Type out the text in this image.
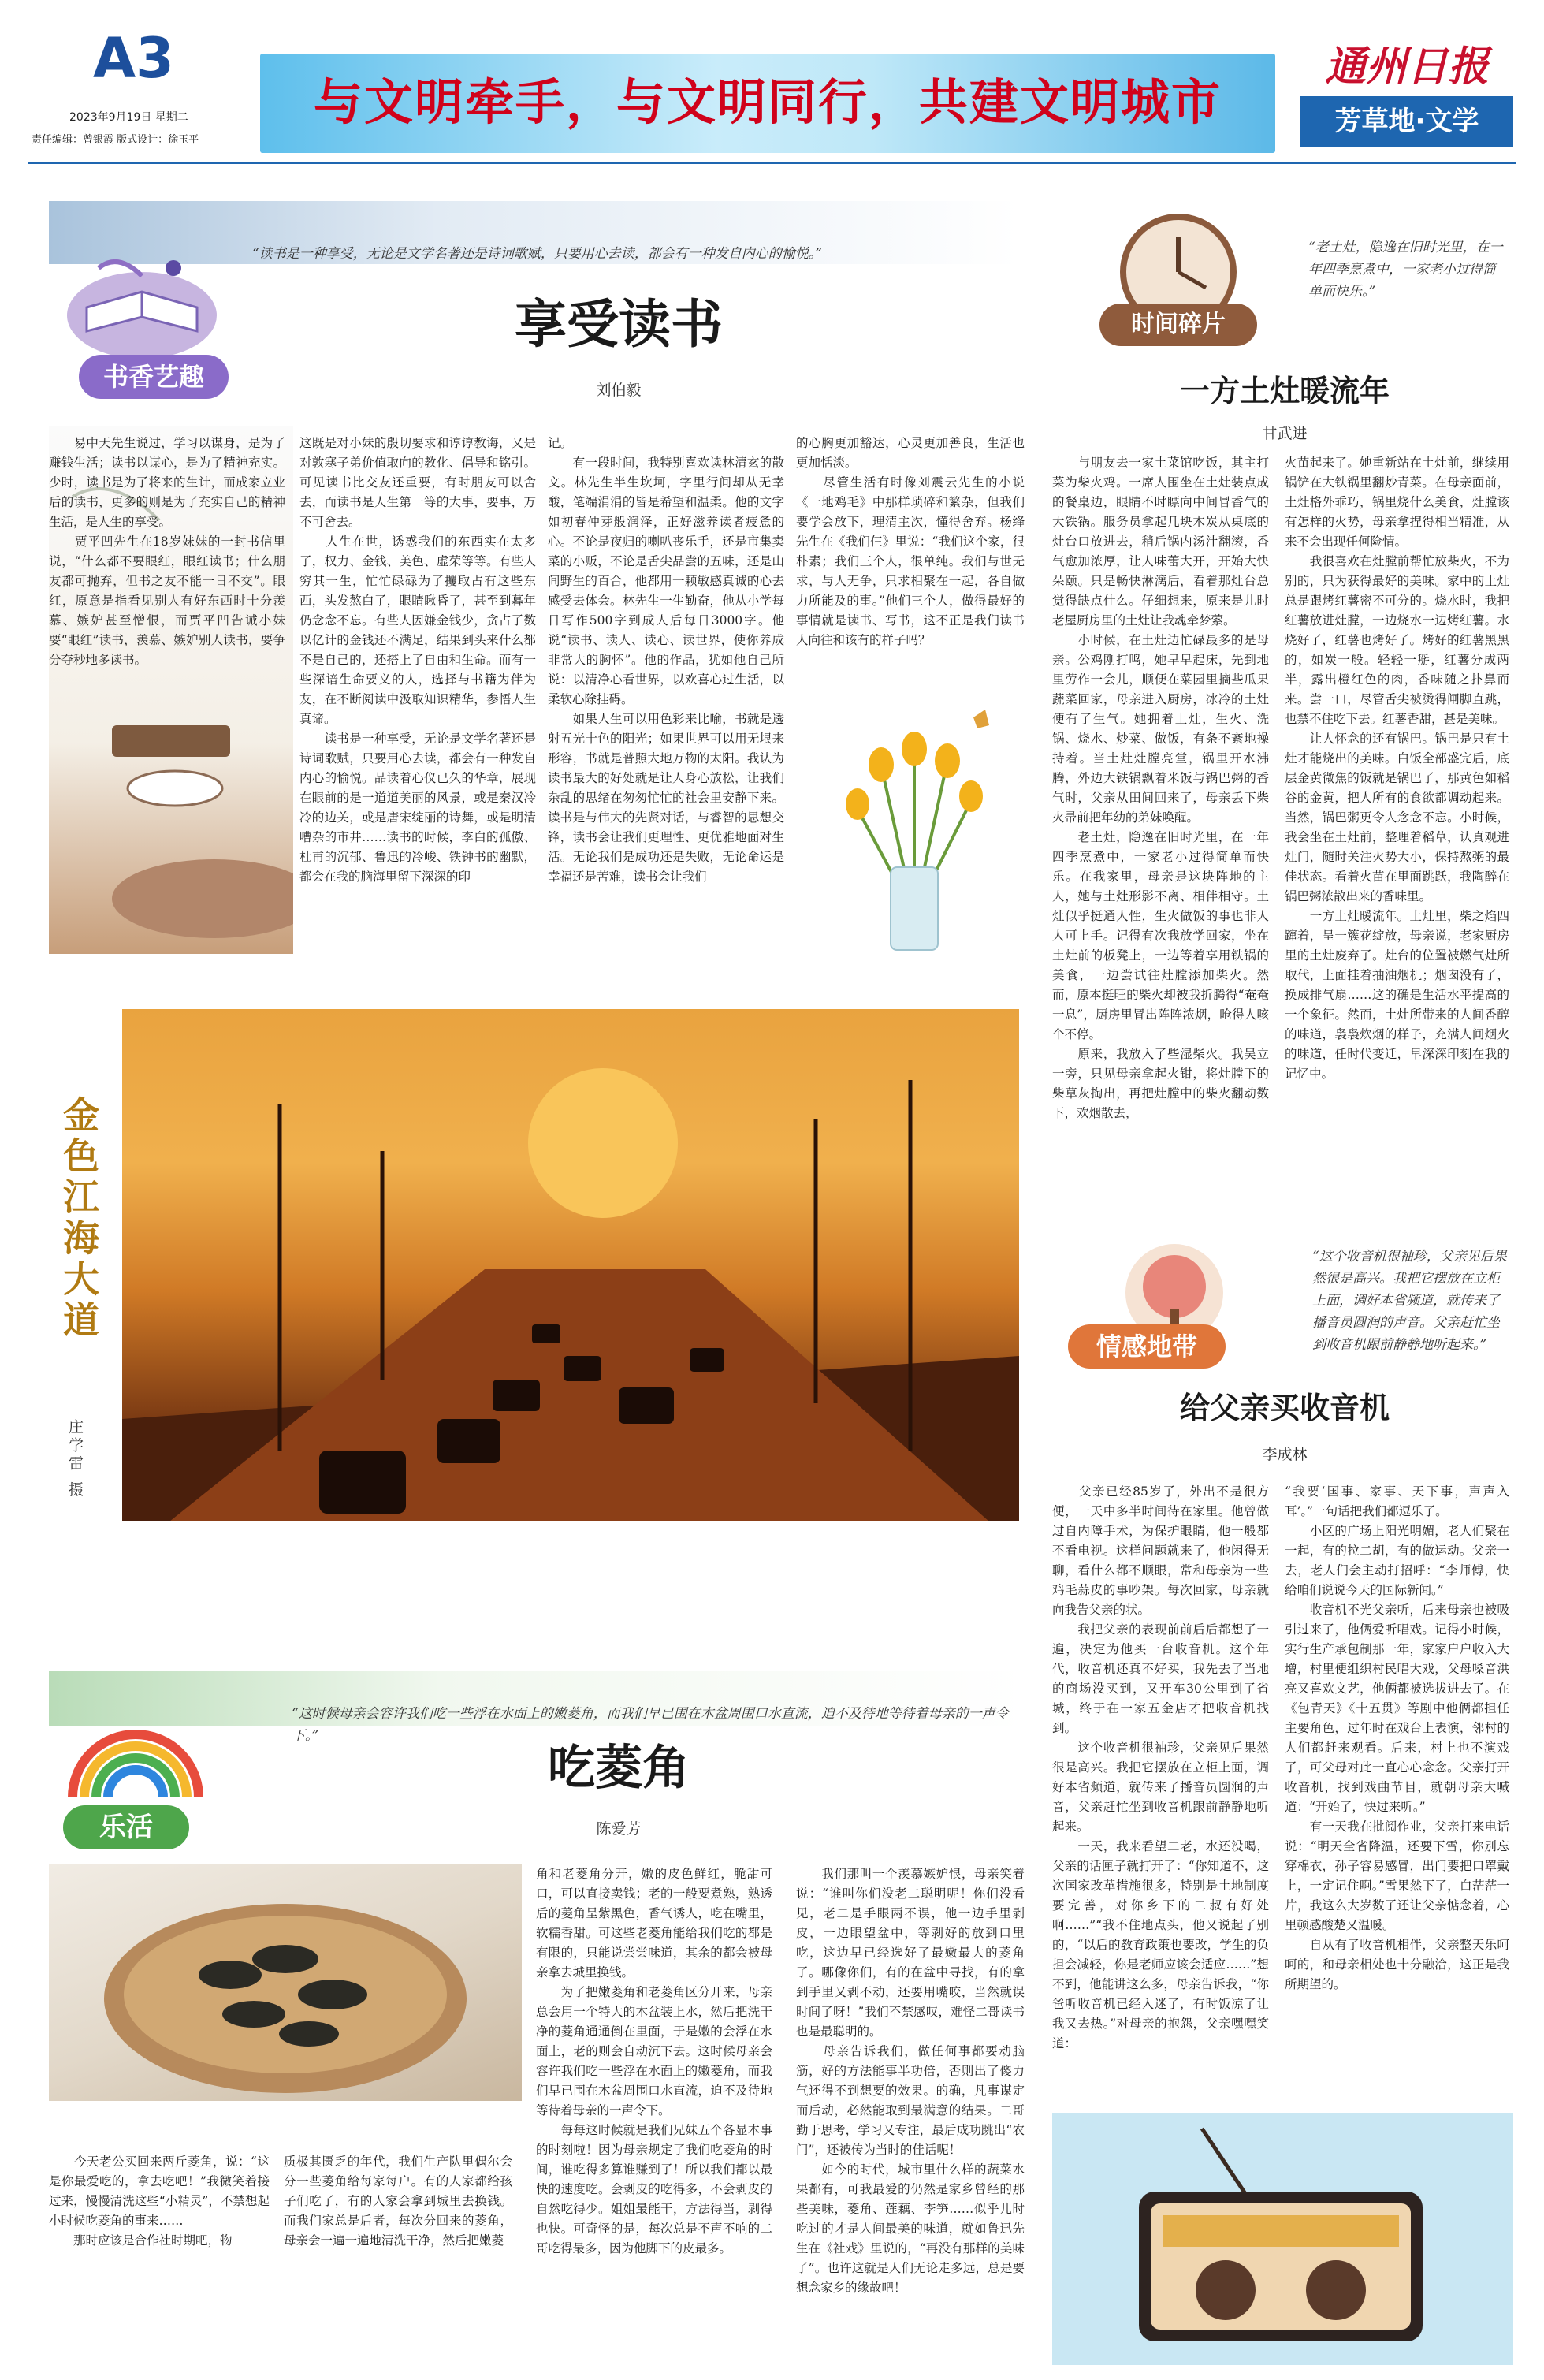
A3
2023年9月19日 星期二
责任编辑：曾银霞 版式设计：徐玉平
与文明牵手，与文明同行，共建文明城市
通州日报
芳草地·文学
书香艺趣
“读书是一种享受，无论是文学名著还是诗词歌赋，只要用心去读，都会有一种发自内心的愉悦。”
享受读书
刘伯毅
　　易中天先生说过，学习以谋身，是为了赚钱生活；读书以谋心，是为了精神充实。少时，读书是为了将来的生计，而成家立业后的读书，更多的则是为了充实自己的精神生活，是人生的享受。
　　贾平凹先生在18岁妹妹的一封书信里说，“什么都不要眼红，眼红读书；什么朋友都可抛弃，但书之友不能一日不交”。眼红，原意是指看见别人有好东西时十分羡慕、嫉妒甚至憎恨，而贾平凹告诫小妹要“眼红”读书，羡慕、嫉妒别人读书，要争分夺秒地多读书。
这既是对小妹的殷切要求和谆谆教诲，又是对敦寒子弟价值取向的教化、倡导和铭引。可见读书比交友还重要，有时朋友可以舍去，而读书是人生第一等的大事，要事，万不可舍去。
　　人生在世，诱惑我们的东西实在太多了，权力、金钱、美色、虚荣等等。有些人穷其一生，忙忙碌碌为了攫取占有这些东西，头发熬白了，眼睛瞅昏了，甚至到暮年仍念念不忘。有些人因嫌金钱少，贪占了数以亿计的金钱还不满足，结果到头来什么都不是自己的，还搭上了自由和生命。而有一些深谙生命要义的人，选择与书籍为伴为友，在不断阅读中汲取知识精华，参悟人生真谛。
　　读书是一种享受，无论是文学名著还是诗词歌赋，只要用心去读，都会有一种发自内心的愉悦。品读着心仪已久的华章，展现在眼前的是一道道美丽的风景，或是秦汉冷冷的边关，或是唐宋绽丽的诗舞，或是明清嘈杂的市井……读书的时候，李白的孤傲、杜甫的沉郁、鲁迅的冷峻、铁钟书的幽默，都会在我的脑海里留下深深的印
记。
　　有一段时间，我特别喜欢读林清玄的散文。林先生半生坎坷，字里行间却从无幸酸，笔端涓涓的皆是希望和温柔。他的文字如初春仲芽般润泽，正好滋养读者疲惫的心。不论是夜归的喇叭丧乐手，还是市集卖菜的小贩，不论是舌尖品尝的五味，还是山间野生的百合，他都用一颗敏感真诚的心去感受去体会。林先生一生勤奋，他从小学每日写作500字到成人后每日3000字。他说“读书、读人、读心、读世界，使你养成非常大的胸怀”。他的作品，犹如他自己所说：以清净心看世界，以欢喜心过生活，以柔软心除挂碍。
　　如果人生可以用色彩来比喻，书就是透射五光十色的阳光；如果世界可以用无垠来形容，书就是普照大地万物的太阳。我认为读书最大的好处就是让人身心放松，让我们杂乱的思绪在匆匆忙忙的社会里安静下来。读书是与伟大的先贤对话，与睿智的思想交锋，读书会让我们更理性、更优雅地面对生活。无论我们是成功还是失败，无论命运是幸福还是苦难，读书会让我们
的心胸更加豁达，心灵更加善良，生活也更加恬淡。
　　尽管生活有时像刘震云先生的小说《一地鸡毛》中那样琐碎和繁杂，但我们要学会放下，理清主次，懂得舍弃。杨绛先生在《我们仨》里说：“我们这个家，很朴素；我们三个人，很单纯。我们与世无求，与人无争，只求相聚在一起，各自做力所能及的事。”他们三个人，做得最好的事情就是读书、写书，这不正是我们读书人向往和该有的样子吗？
金色江海大道
庄学雷 摄
时间碎片
“老土灶，隐逸在旧时光里，在一年四季烹煮中，一家老小过得简单而快乐。”
一方土灶暖流年
甘武进
　　与朋友去一家土菜馆吃饭，其主打菜为柴火鸡。一席人围坐在土灶装点成的餐桌边，眼睛不时瞟向中间冒香气的大铁锅。服务员拿起几块木炭从桌底的灶台口放进去，稍后锅内汤汁翻滚，香气愈加浓厚，让人味蕾大开，开始大快朵颐。只是畅快淋漓后，看着那灶台总觉得缺点什么。仔细想来，原来是儿时老屋厨房里的土灶让我魂牵梦萦。
　　小时候，在土灶边忙碌最多的是母亲。公鸡刚打鸣，她早早起床，先到地里劳作一会儿，顺便在菜园里摘些瓜果蔬菜回家，母亲进入厨房，冰冷的土灶便有了生气。她拥着土灶，生火、洗锅、烧水、炒菜、做饭，有条不紊地操持着。当土灶灶膛亮堂，锅里开水沸腾，外边大铁锅飘着米饭与锅巴粥的香气时，父亲从田间回来了，母亲丢下柴火帚前把年幼的弟妹唤醒。
　　老土灶，隐逸在旧时光里，在一年四季烹煮中，一家老小过得简单而快乐。在我家里，母亲是这块阵地的主人，她与土灶形影不离、相伴相守。土灶似乎挺通人性，生火做饭的事也非人人可上手。记得有次我放学回家，坐在土灶前的板凳上，一边等着享用铁锅的美食，一边尝试往灶膛添加柴火。然而，原本挺旺的柴火却被我折腾得“奄奄一息”，厨房里冒出阵阵浓烟，呛得人咳个不停。
　　原来，我放入了些湿柴火。我吴立一旁，只见母亲拿起火钳，将灶膛下的柴草灰掏出，再把灶膛中的柴火翻动数下，欢烟散去，
火苗起来了。她重新站在土灶前，继续用锅铲在大铁锅里翻炒青菜。在母亲面前，土灶格外乖巧，锅里烧什么美食，灶膛该有怎样的火势，母亲拿捏得相当精准，从来不会出现任何险情。
　　我很喜欢在灶膛前帮忙放柴火，不为别的，只为获得最好的美味。家中的土灶总是跟烤红薯密不可分的。烧水时，我把红薯放进灶膛，一边烧水一边烤红薯。水烧好了，红薯也烤好了。烤好的红薯黑黑的，如炭一般。轻轻一掰，红薯分成两半，露出橙红色的肉，香味随之扑鼻而来。尝一口，尽管舌尖被烫得闸脚直跳，也禁不住吃下去。红薯香甜，甚是美味。
　　让人怀念的还有锅巴。锅巴是只有土灶才能烧出的美味。白饭全部盛完后，底层金黄微焦的饭就是锅巴了，那黄色如稻谷的金黄，把人所有的食欲都调动起来。当然，锅巴粥更令人念念不忘。小时候，我会坐在土灶前，整理着稻草，认真观进灶门，随时关注火势大小，保持熬粥的最佳状态。看着火苗在里面跳跃，我陶醉在锅巴粥浓散出来的香味里。
　　一方土灶暖流年。土灶里，柴之焰四蹿着，呈一簇花绽放，母亲说，老家厨房里的土灶废弃了。灶台的位置被燃气灶所取代，上面挂着抽油烟机；烟囱没有了，换成排气扇……这的确是生活水平提高的一个象征。然而，土灶所带来的人间香醇的味道，袅袅炊烟的样子，充满人间烟火的味道，任时代变迁，早深深印刻在我的记忆中。
情感地带
“这个收音机很袖珍，父亲见后果然很是高兴。我把它摆放在立柜上面，调好本省频道，就传来了播音员圆润的声音。父亲赶忙坐到收音机跟前静静地听起来。”
给父亲买收音机
李成林
　　父亲已经85岁了，外出不是很方便，一天中多半时间待在家里。他曾做过自内障手术，为保护眼睛，他一般都不看电视。这样问题就来了，他闲得无聊，看什么都不顺眼，常和母亲为一些鸡毛蒜皮的事吵架。每次回家，母亲就向我告父亲的状。
　　我把父亲的表现前前后后都想了一遍，决定为他买一台收音机。这个年代，收音机还真不好买，我先去了当地的商场没买到，又开车30公里到了省城，终于在一家五金店才把收音机找到。
　　这个收音机很袖珍，父亲见后果然很是高兴。我把它摆放在立柜上面，调好本省频道，就传来了播音员圆润的声音，父亲赶忙坐到收音机跟前静静地听起来。
　　一天，我来看望二老，水还没喝，父亲的话匣子就打开了：“你知道不，这次国家改革措施很多，特别是土地制度要完善，对你乡下的二叔有好处啊……”“我不住地点头，他又说起了别的，“以后的教育政策也要改，学生的负担会减轻，你是老师应该会适应……”想不到，他能讲这么多，母亲告诉我，“你爸听收音机已经入迷了，有时饭凉了让我又去热。”对母亲的抱怨，父亲嘿嘿笑道：
“我要‘国事、家事、天下事，声声入耳’。”一句话把我们都逗乐了。
　　小区的广场上阳光明媚，老人们聚在一起，有的拉二胡，有的做运动。父亲一去，老人们会主动打招呼：“李师傅，快给咱们说说今天的国际新闻。”
　　收音机不光父亲听，后来母亲也被吸引过来了，他俩爱听唱戏。记得小时候，实行生产承包制那一年，家家户户收入大增，村里便组织村民唱大戏，父母嗓音洪亮又喜欢文艺，他俩都被选拔进去了。在《包青天》《十五贯》等剧中他俩都担任主要角色，过年时在戏台上表演，邻村的人们都赶来观看。后来，村上也不演戏了，可父母对此一直心心念念。父亲打开收音机，找到戏曲节目，就朝母亲大喊道：“开始了，快过来听。”
　　有一天我在批阅作业，父亲打来电话说：“明天全省降温，还要下雪，你别忘穿棉衣，孙子容易感冒，出门要把口罩戴上，一定记住啊。”雪果然下了，白茫茫一片，我这么大岁数了还让父亲惦念着，心里顿感酸楚又温暖。
　　自从有了收音机相伴，父亲整天乐呵呵的，和母亲相处也十分融洽，这正是我所期望的。
乐活
“这时候母亲会容许我们吃一些浮在水面上的嫩菱角，而我们早已围在木盆周围口水直流，迫不及待地等待着母亲的一声令下。”
吃菱角
陈爱芳
　　今天老公买回来两斤菱角，说：“这是你最爱吃的，拿去吃吧！”我微笑着接过来，慢慢清洗这些“小精灵”，不禁想起小时候吃菱角的事来……
　　那时应该是合作社时期吧，物
质极其匮乏的年代，我们生产队里偶尔会分一些菱角给每家每户。有的人家都给孩子们吃了，有的人家会拿到城里去换钱。而我们家总是后者，每次分回来的菱角，母亲会一遍一遍地清洗干净，然后把嫩菱
角和老菱角分开，嫩的皮色鲜红，脆甜可口，可以直接卖钱；老的一般要煮熟，熟透后的菱角呈紫黑色，香气诱人，吃在嘴里，软糯香甜。可这些老菱角能给我们吃的都是有限的，只能说尝尝味道，其余的都会被母亲拿去城里换钱。
　　为了把嫩菱角和老菱角区分开来，母亲总会用一个特大的木盆装上水，然后把洗干净的菱角通通倒在里面，于是嫩的会浮在水面上，老的则会自动沉下去。这时候母亲会容许我们吃一些浮在水面上的嫩菱角，而我们早已围在木盆周围口水直流，迫不及待地等待着母亲的一声令下。
　　每每这时候就是我们兄妹五个各显本事的时刻啦！因为母亲规定了我们吃菱角的时间，谁吃得多算谁赚到了！所以我们都以最快的速度吃。会剥皮的吃得多，不会剥皮的自然吃得少。姐姐最能干，方法得当，剥得也快。可奇怪的是，每次总是不声不响的二哥吃得最多，因为他脚下的皮最多。
　　我们那叫一个羡慕嫉妒恨，母亲笑着说：“谁叫你们没老二聪明呢！你们没看见，老二是手眼两不误，他一边手里剥皮，一边眼望盆中，等剥好的放到口里吃，这边早已经选好了最嫩最大的菱角了。哪像你们，有的在盆中寻找，有的拿到手里又剥不动，还要用嘴咬，当然就误时间了呀！”我们不禁感叹，难怪二哥读书也是最聪明的。
　　母亲告诉我们，做任何事都要动脑筋，好的方法能事半功倍，否则出了傻力气还得不到想要的效果。的确，凡事谋定而后动，必然能取到最满意的结果。二哥勤于思考，学习又专注，最后成功跳出“农门”，还被传为当时的佳话呢！
　　如今的时代，城市里什么样的蔬菜水果都有，可我最爱的仍然是家乡曾经的那些美味，菱角、莲藕、李笋……似乎儿时吃过的才是人间最美的味道，就如鲁迅先生在《社戏》里说的，“再没有那样的美味了”。也许这就是人们无论走多远，总是要想念家乡的缘故吧！
